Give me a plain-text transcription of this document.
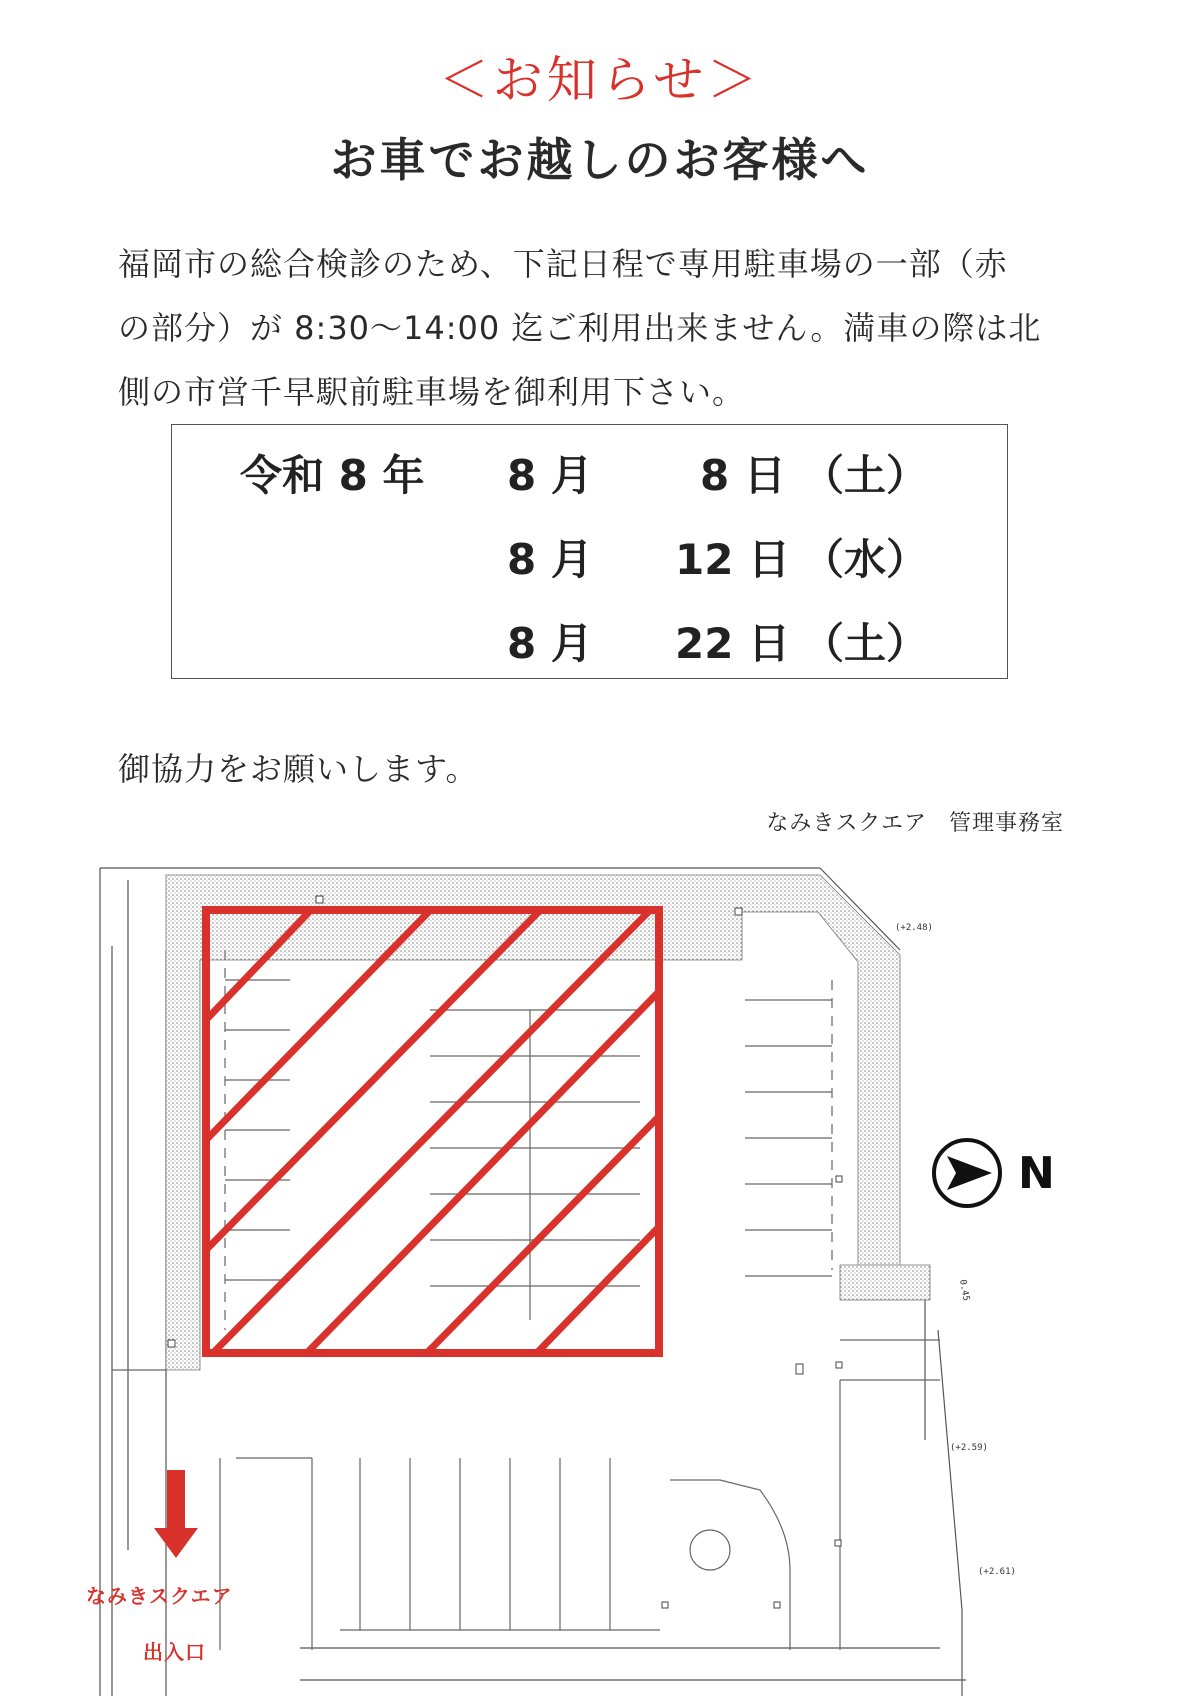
＜お知らせ＞
お車でお越しのお客様へ
福岡市の総合検診のため、下記日程で専用駐車場の一部（赤
の部分）が 8:30～14:00 迄ご利用出来ません。満車の際は北
側の市営千早駅前駐車場を御利用下さい。
令和 8 年 8 月	8 日 （土）
8 月 12 日 （水）
8 月 22 日 （土）
御協力をお願いします。
なみきスクエア 管理事務室
(+2.48)
(+2.59)
(+2.61)
0.45
N
なみきスクエア
出入口
